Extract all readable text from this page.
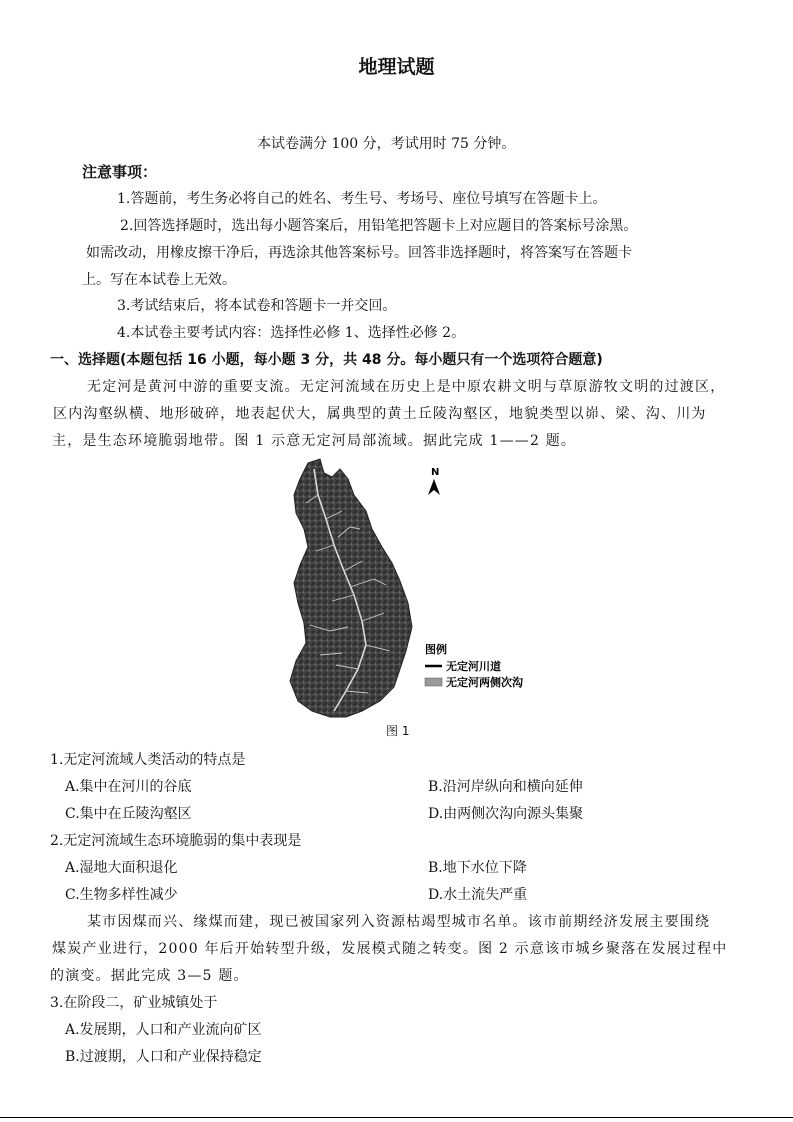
地理试题
本试卷满分 100 分，考试用时 75 分钟。
注意事项：
1.答题前，考生务必将自己的姓名、考生号、考场号、座位号填写在答题卡上。
2.回答选择题时，选出每小题答案后，用铅笔把答题卡上对应题目的答案标号涂黑。
如需改动，用橡皮擦干净后，再选涂其他答案标号。回答非选择题时，将答案写在答题卡
上。写在本试卷上无效。
3.考试结束后，将本试卷和答题卡一并交回。
4.本试卷主要考试内容：选择性必修 1、选择性必修 2。
一、选择题(本题包括 16 小题，每小题 3 分，共 48 分。每小题只有一个选项符合题意)
无定河是黄河中游的重要支流。无定河流域在历史上是中原农耕文明与草原游牧文明的过渡区，
区内沟壑纵横、地形破碎，地表起伏大，属典型的黄土丘陵沟壑区，地貌类型以峁、梁、沟、川为
主，是生态环境脆弱地带。图 1 示意无定河局部流域。据此完成 1——2 题。
N
图例
无定河川道
无定河两侧次沟
图 1
1.无定河流域人类活动的特点是
A.集中在河川的谷底	B.沿河岸纵向和横向延伸
C.集中在丘陵沟壑区	D.由两侧次沟向源头集聚
2.无定河流域生态环境脆弱的集中表现是
A.湿地大面积退化	B.地下水位下降
C.生物多样性减少	D.水土流失严重
某市因煤而兴、缘煤而建，现已被国家列入资源枯竭型城市名单。该市前期经济发展主要围绕
煤炭产业进行，2000 年后开始转型升级，发展模式随之转变。图 2 示意该市城乡聚落在发展过程中
的演变。据此完成 3—5 题。
3.在阶段二，矿业城镇处于
A.发展期，人口和产业流向矿区
B.过渡期，人口和产业保持稳定
